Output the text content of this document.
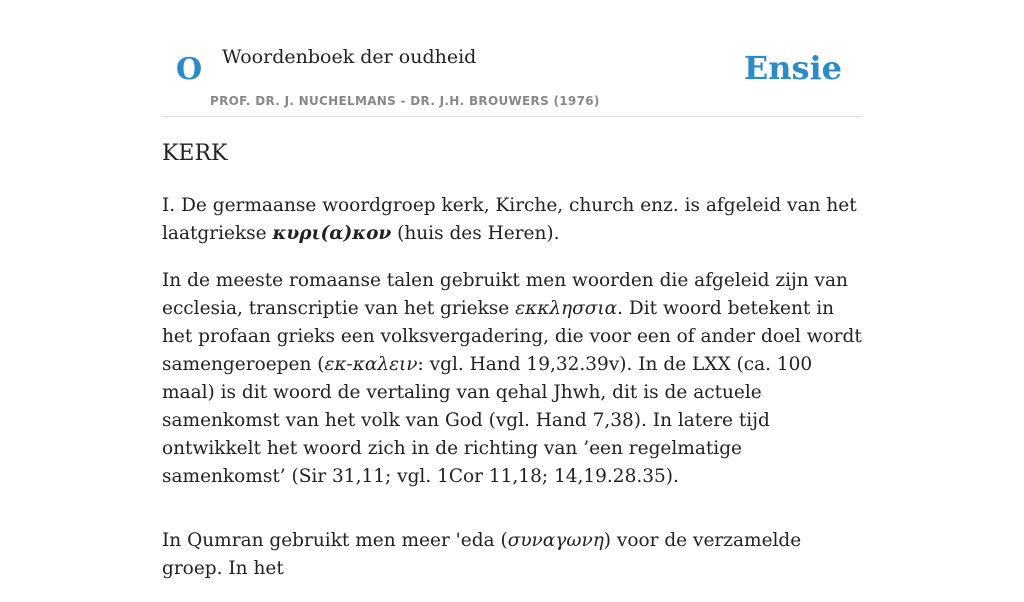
O Woordenboek der oudheid
PROF. DR. J. NUCHELMANS - DR. J.H. BROUWERS (1976)
Ensie
KERK

I. De germaanse woordgroep kerk, Kirche, church enz. is afgeleid van het laatgriekse κυρι(α)κον (huis des Heren).

In de meeste romaanse talen gebruikt men woorden die afgeleid zijn van ecclesia, transcriptie van het griekse εκκλησσια. Dit woord betekent in het profaan grieks een volksvergadering, die voor een of ander doel wordt samengeroepen (εκ-καλειν: vgl. Hand 19,32.39v). In de LXX (ca. 100 maal) is dit woord de vertaling van qehal Jhwh, dit is de actuele samenkomst van het volk van God (vgl. Hand 7,38). In latere tijd ontwikkelt het woord zich in de richting van ’een regelmatige samenkomst’ (Sir 31,11; vgl. 1Cor 11,18; 14,19.28.35).

In Qumran gebruikt men meer 'eda (συναγωνη) voor de verzamelde groep. In het
